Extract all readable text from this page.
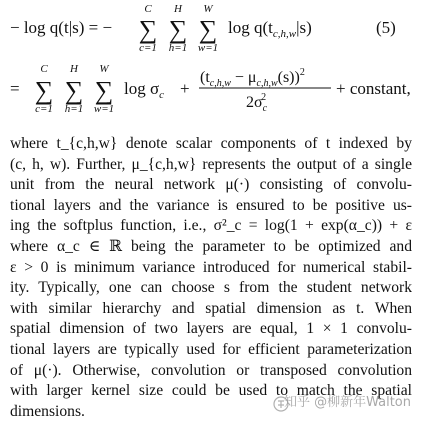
− log q(t|s) = −
C
∑
c=1
H
∑
h=1
W
∑
w=1
$\log q(t_{c,h,w}|s)$	(5)
=
C
∑
c=1
H
∑
h=1
W
∑
w=1
$\log \sigma_c$ +
$(t_{c,h,w} - \mu_{c,h,w}(s))^2$
$2\sigma_c2$	+ constant,
where t_{c,h,w} denote scalar components of t indexed by
(c, h, w). Further, μ_{c,h,w} represents the output of a single
unit from the neural network μ(·) consisting of convolu-
tional layers and the variance is ensured to be positive us-
ing the softplus function, i.e., σ²_c = log(1 + exp(α_c)) + ε
where α_c ∈ ℝ being the parameter to be optimized and
ε > 0 is minimum variance introduced for numerical stabil-
ity. Typically, one can choose s from the student network
with similar hierarchy and spatial dimension as t. When
spatial dimension of two layers are equal, 1 × 1 convolu-
tional layers are typically used for efficient parameterization
of μ(·). Otherwise, convolution or transposed convolution
with larger kernel size could be used to match the spatial
dimensions.
知乎 @柳新年Walton
